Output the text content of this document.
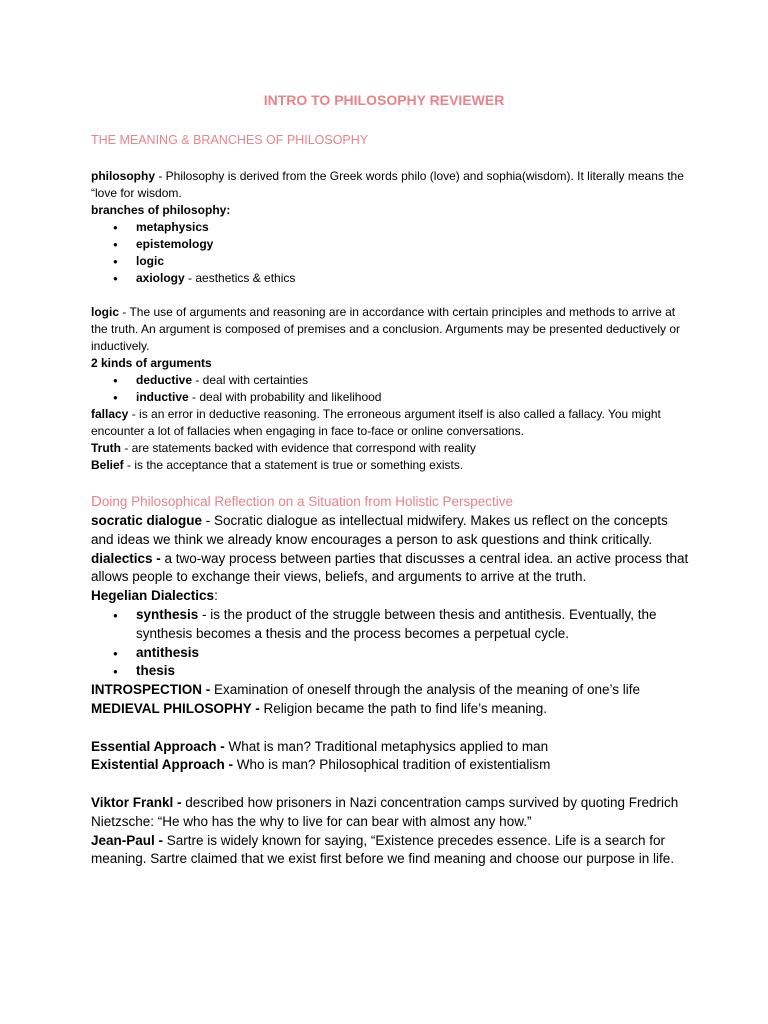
INTRO TO PHILOSOPHY REVIEWER
THE MEANING & BRANCHES OF PHILOSOPHY

philosophy - Philosophy is derived from the Greek words philo (love) and sophia(wisdom). It literally means the “love for wisdom.

branches of philosophy:

● metaphysics
● epistemology
● logic
● axiology - aesthetics & ethics

logic - The use of arguments and reasoning are in accordance with certain principles and methods to arrive at the truth. An argument is composed of premises and a conclusion. Arguments may be presented deductively or inductively.

2 kinds of arguments

● deductive - deal with certainties
● inductive - deal with probability and likelihood

fallacy - is an error in deductive reasoning. The erroneous argument itself is also called a fallacy. You might encounter a lot of fallacies when engaging in face to-face or online conversations.

Truth - are statements backed with evidence that correspond with reality

Belief - is the acceptance that a statement is true or something exists.

Doing Philosophical Reflection on a Situation from Holistic Perspective

socratic dialogue - Socratic dialogue as intellectual midwifery. Makes us reflect on the concepts and ideas we think we already know encourages a person to ask questions and think critically.

dialectics - a two-way process between parties that discusses a central idea. an active process that allows people to exchange their views, beliefs, and arguments to arrive at the truth.

Hegelian Dialectics:

● synthesis - is the product of the struggle between thesis and antithesis. Eventually, the synthesis becomes a thesis and the process becomes a perpetual cycle.
● antithesis
● thesis

INTROSPECTION - Examination of oneself through the analysis of the meaning of one’s life

MEDIEVAL PHILOSOPHY - Religion became the path to find life’s meaning.

Essential Approach - What is man? Traditional metaphysics applied to man

Existential Approach - Who is man? Philosophical tradition of existentialism

Viktor Frankl - described how prisoners in Nazi concentration camps survived by quoting Fredrich Nietzsche: “He who has the why to live for can bear with almost any how.”

Jean-Paul - Sartre is widely known for saying, “Existence precedes essence. Life is a search for meaning. Sartre claimed that we exist first before we find meaning and choose our purpose in life.
